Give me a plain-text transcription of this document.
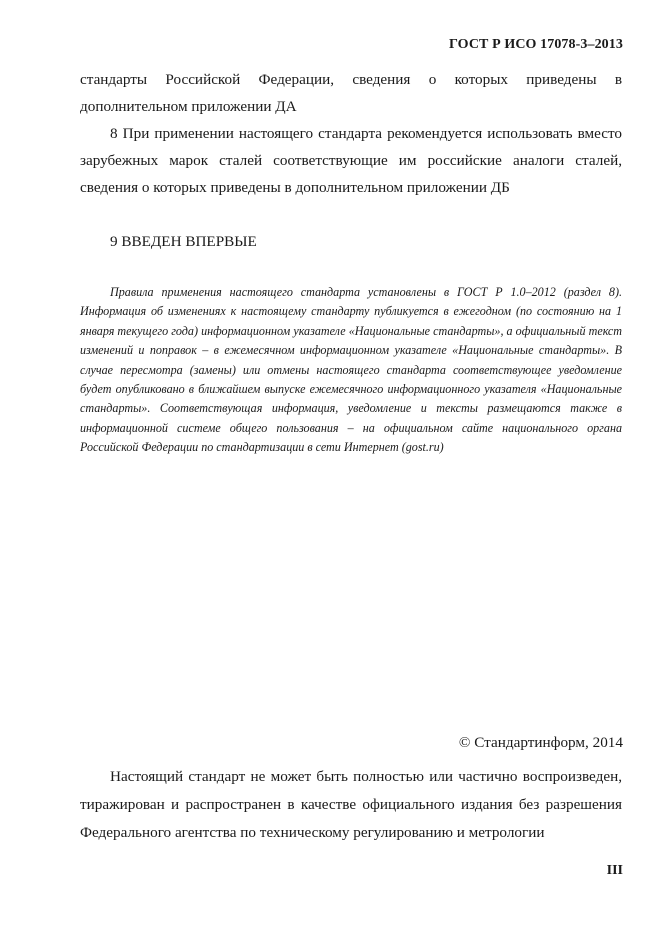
ГОСТ Р ИСО 17078-3–2013
стандарты Российской Федерации, сведения о которых приведены в дополнительном приложении ДА
8 При применении настоящего стандарта рекомендуется использовать вместо зарубежных марок сталей соответствующие им российские аналоги сталей, сведения о которых приведены в дополнительном приложении ДБ
9 ВВЕДЕН ВПЕРВЫЕ
Правила применения настоящего стандарта установлены в ГОСТ Р 1.0–2012 (раздел 8). Информация об изменениях к настоящему стандарту публикуется в ежегодном (по состоянию на 1 января текущего года) информационном указателе «Национальные стандарты», а официальный текст изменений и поправок – в ежемесячном информационном указателе «Национальные стандарты». В случае пересмотра (замены) или отмены настоящего стандарта соответствующее уведомление будет опубликовано в ближайшем выпуске ежемесячного информационного указателя «Национальные стандарты». Соответствующая информация, уведомление и тексты размещаются также в информационной системе общего пользования – на официальном сайте национального органа Российской Федерации по стандартизации в сети Интернет (gost.ru)
© Стандартинформ, 2014
Настоящий стандарт не может быть полностью или частично воспроизведен, тиражирован и распространен в качестве официального издания без разрешения Федерального агентства по техническому регулированию и метрологии
III
